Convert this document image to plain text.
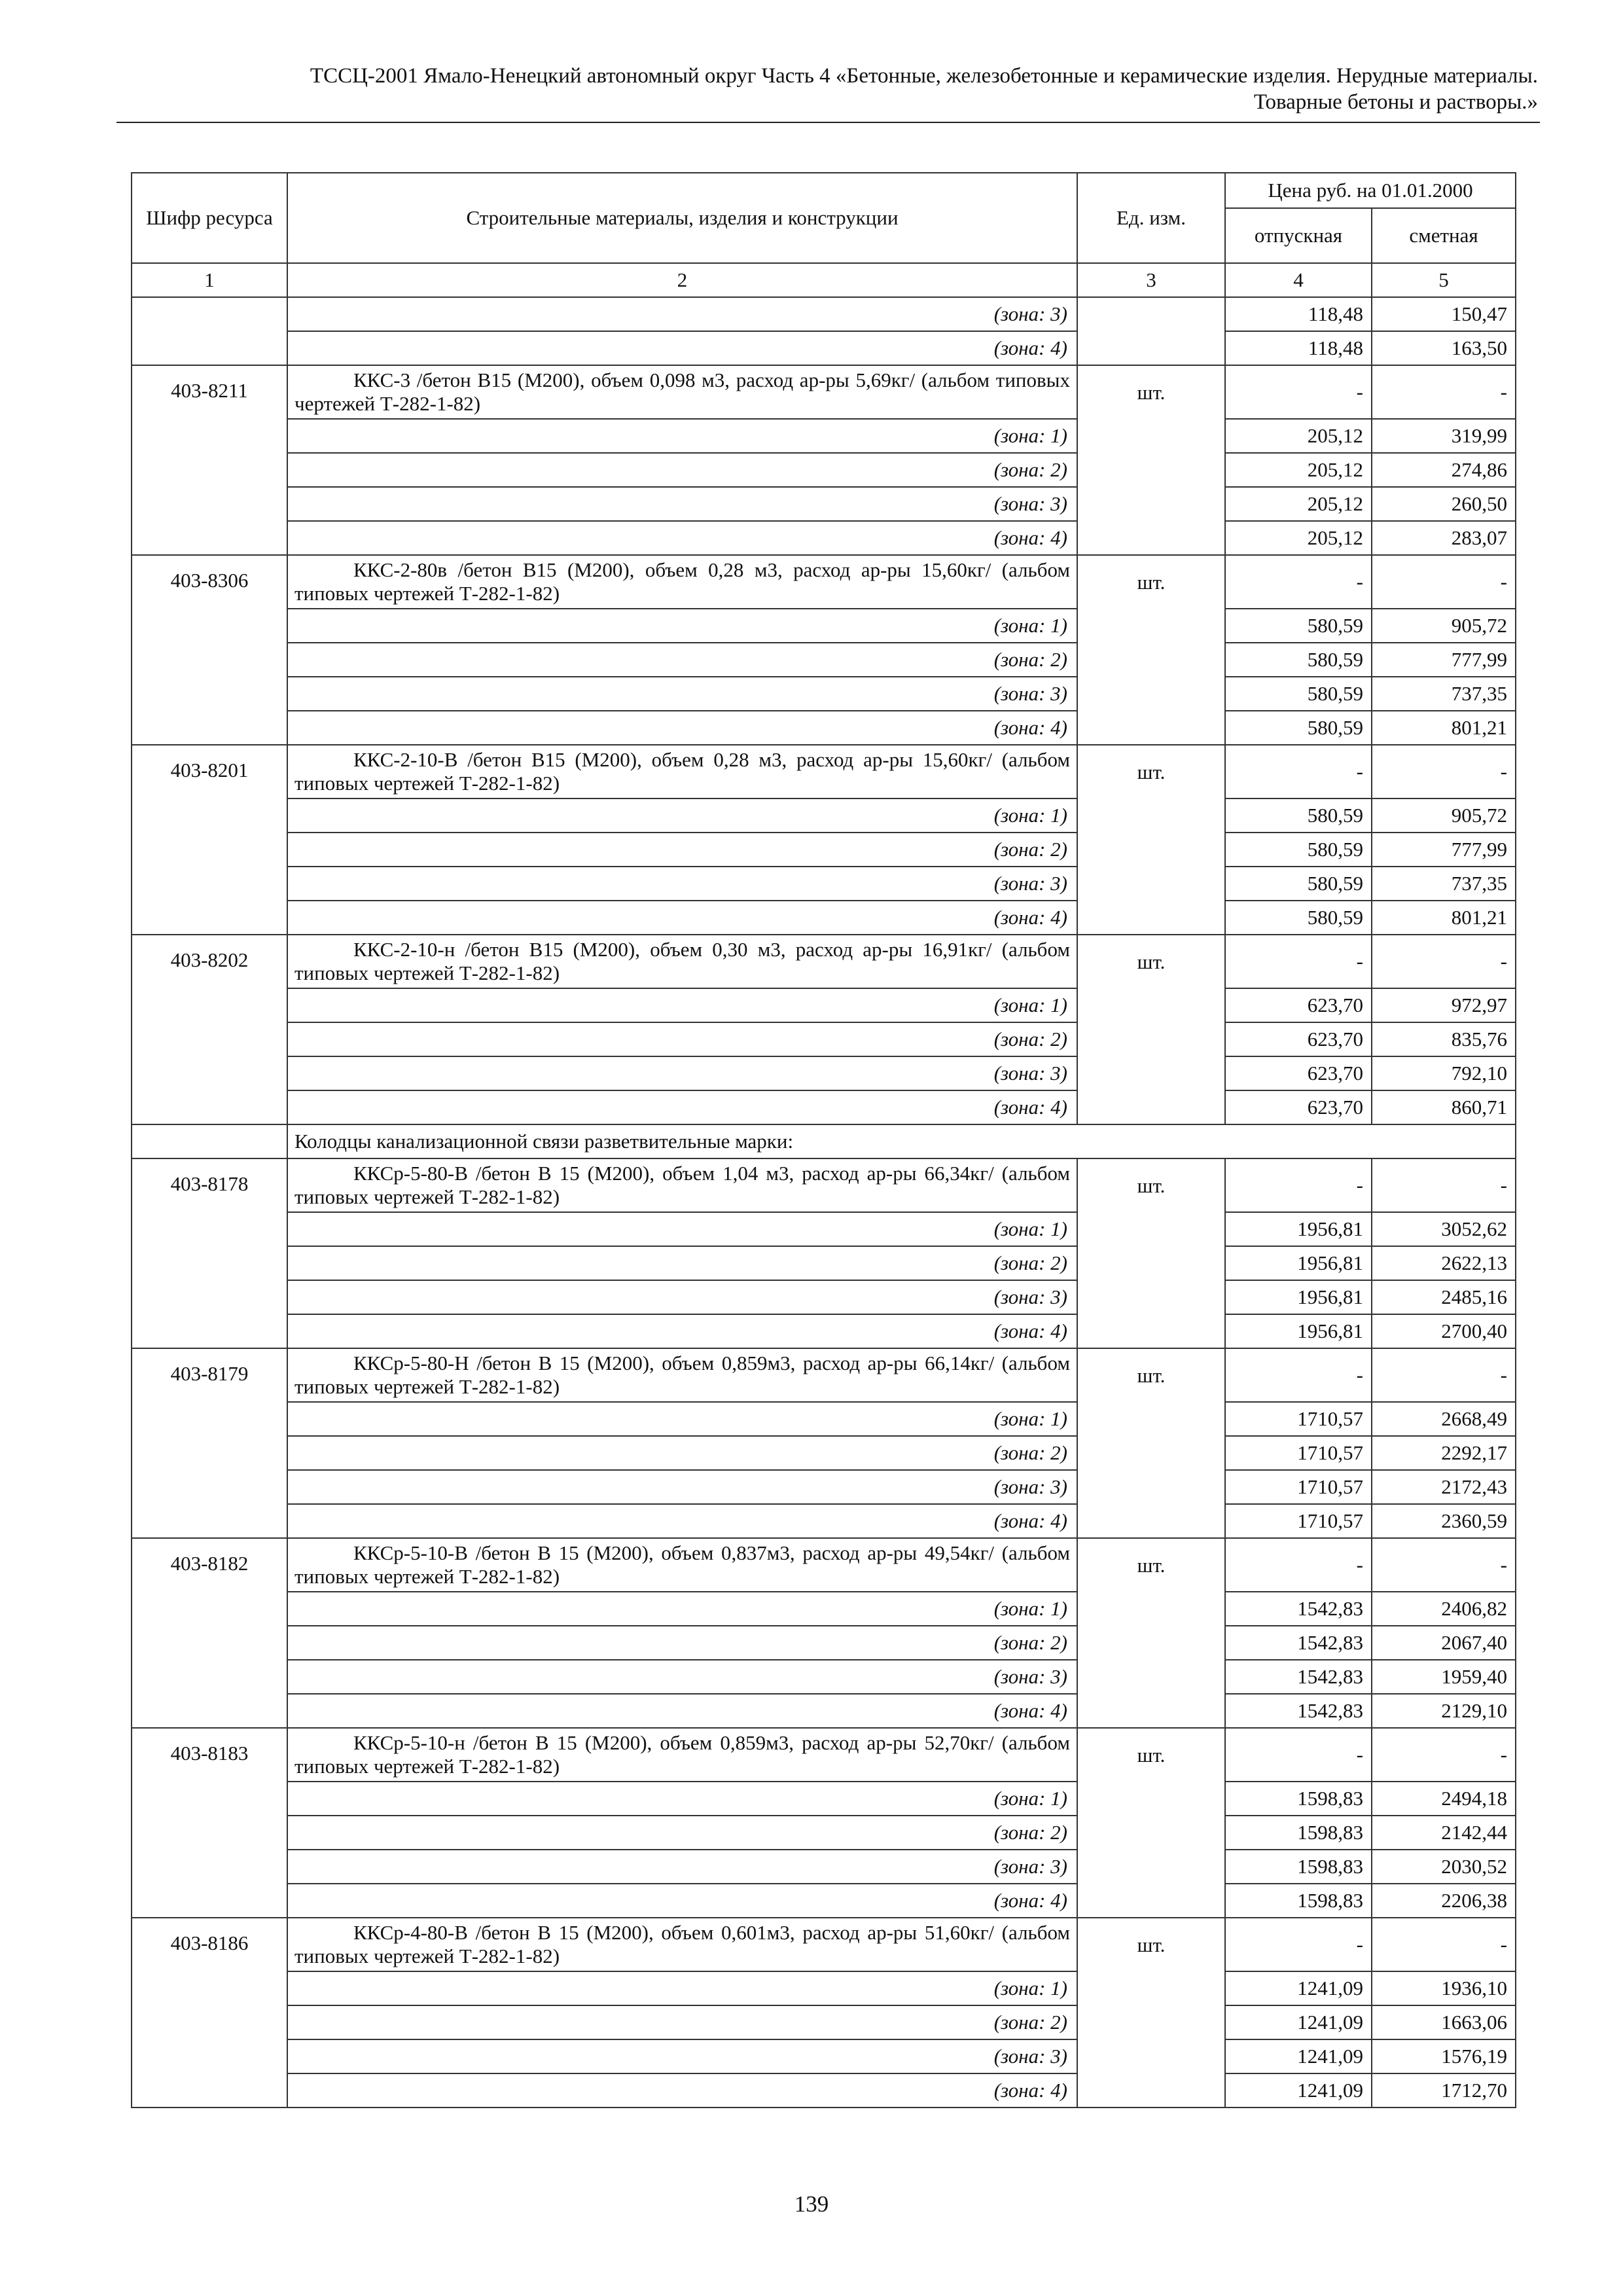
ТССЦ-2001 Ямало-Ненецкий автономный округ Часть 4 «Бетонные, железобетонные и керамические изделия. Нерудные материалы.
Товарные бетоны и растворы.»
Шифр ресурса	Строительные материалы, изделия и конструкции	Ед. изм.	Цена руб. на 01.01.2000	
			отпускная	сметная
1	2	3	4	5
	(зона: 3)		118,48	150,47
	(зона: 4)		118,48	163,50
403-8211	ККС-3 /бетон В15 (М200), объем 0,098 м3, расход ар-ры 5,69кг/ (альбом типовых чертежей Т-282-1-82)	шт.	-	-
	(зона: 1)		205,12	319,99
	(зона: 2)		205,12	274,86
	(зона: 3)		205,12	260,50
	(зона: 4)		205,12	283,07
403-8306	ККС-2-80в /бетон В15 (М200), объем 0,28 м3, расход ар-ры 15,60кг/ (альбом типовых чертежей Т-282-1-82)	шт.	-	-
	(зона: 1)		580,59	905,72
	(зона: 2)		580,59	777,99
	(зона: 3)		580,59	737,35
	(зона: 4)		580,59	801,21
403-8201	ККС-2-10-В /бетон В15 (М200), объем 0,28 м3, расход ар-ры 15,60кг/ (альбом типовых чертежей Т-282-1-82)	шт.	-	-
	(зона: 1)		580,59	905,72
	(зона: 2)		580,59	777,99
	(зона: 3)		580,59	737,35
	(зона: 4)		580,59	801,21
403-8202	ККС-2-10-н /бетон В15 (М200), объем 0,30 м3, расход ар-ры 16,91кг/ (альбом типовых чертежей Т-282-1-82)	шт.	-	-
	(зона: 1)		623,70	972,97
	(зона: 2)		623,70	835,76
	(зона: 3)		623,70	792,10
	(зона: 4)		623,70	860,71
	Колодцы канализационной связи разветвительные марки:			
403-8178	ККСр-5-80-В /бетон В 15 (М200), объем 1,04 м3, расход ар-ры 66,34кг/ (альбом типовых чертежей Т-282-1-82)	шт.	-	-
	(зона: 1)		1956,81	3052,62
	(зона: 2)		1956,81	2622,13
	(зона: 3)		1956,81	2485,16
	(зона: 4)		1956,81	2700,40
403-8179	ККСр-5-80-Н /бетон В 15 (М200), объем 0,859м3, расход ар-ры 66,14кг/ (альбом типовых чертежей Т-282-1-82)	шт.	-	-
	(зона: 1)		1710,57	2668,49
	(зона: 2)		1710,57	2292,17
	(зона: 3)		1710,57	2172,43
	(зона: 4)		1710,57	2360,59
403-8182	ККСр-5-10-В /бетон В 15 (М200), объем 0,837м3, расход ар-ры 49,54кг/ (альбом типовых чертежей Т-282-1-82)	шт.	-	-
	(зона: 1)		1542,83	2406,82
	(зона: 2)		1542,83	2067,40
	(зона: 3)		1542,83	1959,40
	(зона: 4)		1542,83	2129,10
403-8183	ККСр-5-10-н /бетон В 15 (М200), объем 0,859м3, расход ар-ры 52,70кг/ (альбом типовых чертежей Т-282-1-82)	шт.	-	-
	(зона: 1)		1598,83	2494,18
	(зона: 2)		1598,83	2142,44
	(зона: 3)		1598,83	2030,52
	(зона: 4)		1598,83	2206,38
403-8186	ККСр-4-80-В /бетон В 15 (М200), объем 0,601м3, расход ар-ры 51,60кг/ (альбом типовых чертежей Т-282-1-82)	шт.	-	-
	(зона: 1)		1241,09	1936,10
	(зона: 2)		1241,09	1663,06
	(зона: 3)		1241,09	1576,19
	(зона: 4)		1241,09	1712,70
139
